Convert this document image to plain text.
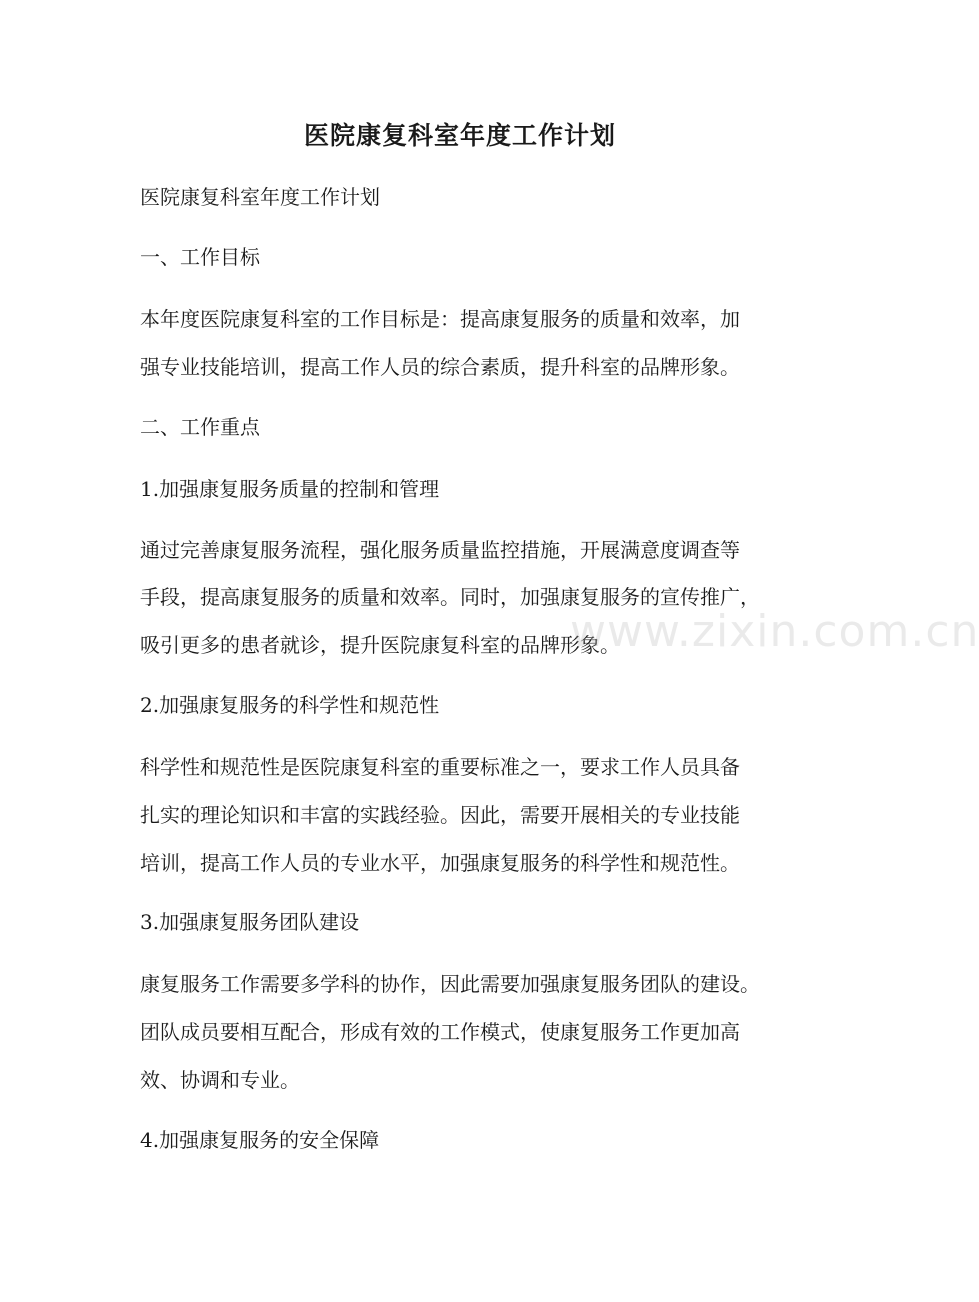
医院康复科室年度工作计划
医院康复科室年度工作计划
一、工作目标
本年度医院康复科室的工作目标是：提高康复服务的质量和效率，加
强专业技能培训，提高工作人员的综合素质，提升科室的品牌形象。
二、工作重点
1.加强康复服务质量的控制和管理
通过完善康复服务流程，强化服务质量监控措施，开展满意度调查等
手段，提高康复服务的质量和效率。同时，加强康复服务的宣传推广，
吸引更多的患者就诊，提升医院康复科室的品牌形象。
2.加强康复服务的科学性和规范性
科学性和规范性是医院康复科室的重要标准之一，要求工作人员具备
扎实的理论知识和丰富的实践经验。因此，需要开展相关的专业技能
培训，提高工作人员的专业水平，加强康复服务的科学性和规范性。
3.加强康复服务团队建设
康复服务工作需要多学科的协作，因此需要加强康复服务团队的建设。
团队成员要相互配合，形成有效的工作模式，使康复服务工作更加高
效、协调和专业。
4.加强康复服务的安全保障
www.zixin.com.cn
